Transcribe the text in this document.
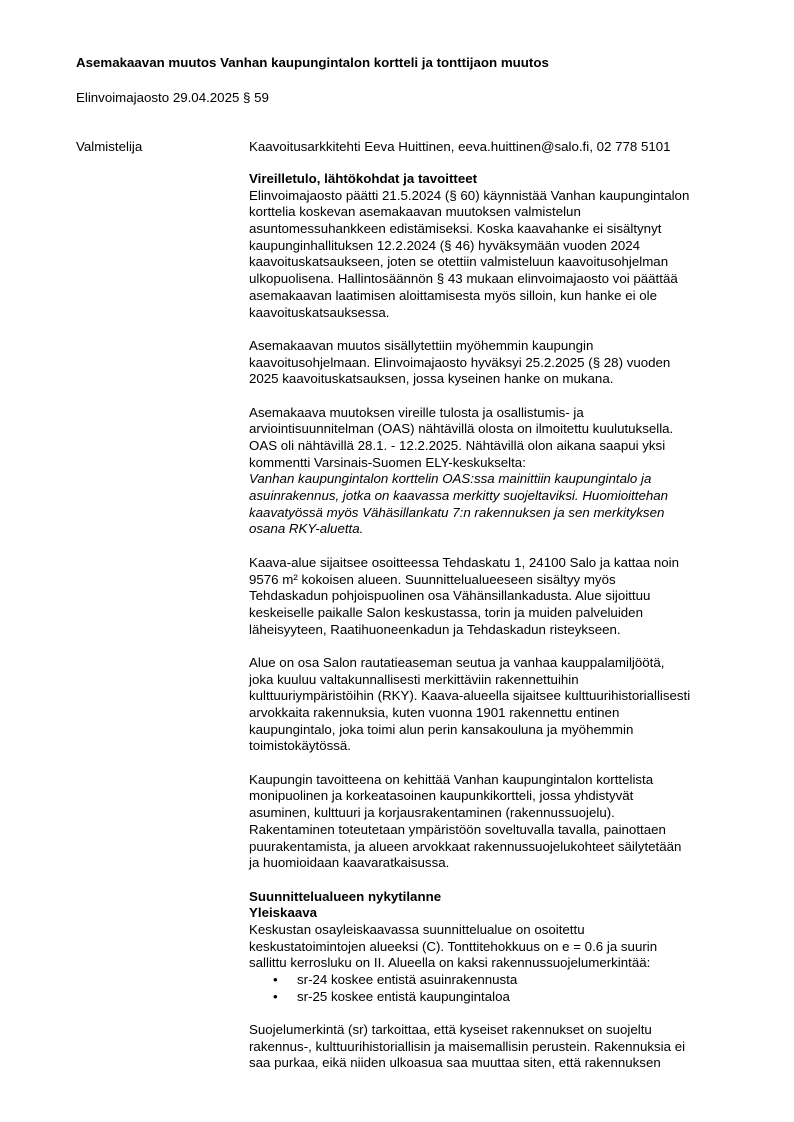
Asemakaavan muutos Vanhan kaupungintalon kortteli ja tonttijaon muutos
Elinvoimajaosto 29.04.2025 § 59
Valmistelija	Kaavoitusarkkitehti Eeva Huittinen, eeva.huittinen@salo.fi, 02 778 5101
Vireilletulo, lähtökohdat ja tavoitteet
Elinvoimajaosto päätti 21.5.2024 (§ 60) käynnistää Vanhan kaupungintalon
korttelia koskevan asemakaavan muutoksen valmistelun
asuntomessuhankkeen edistämiseksi. Koska kaavahanke ei sisältynyt
kaupunginhallituksen 12.2.2024 (§ 46) hyväksymään vuoden 2024
kaavoituskatsaukseen, joten se otettiin valmisteluun kaavoitusohjelman
ulkopuolisena. Hallintosäännön § 43 mukaan elinvoimajaosto voi päättää
asemakaavan laatimisen aloittamisesta myös silloin, kun hanke ei ole
kaavoituskatsauksessa.
Asemakaavan muutos sisällytettiin myöhemmin kaupungin
kaavoitusohjelmaan. Elinvoimajaosto hyväksyi 25.2.2025 (§ 28) vuoden
2025 kaavoituskatsauksen, jossa kyseinen hanke on mukana.
Asemakaava muutoksen vireille tulosta ja osallistumis- ja
arviointisuunnitelman (OAS) nähtävillä olosta on ilmoitettu kuulutuksella.
OAS oli nähtävillä 28.1. - 12.2.2025. Nähtävillä olon aikana saapui yksi
kommentti Varsinais-Suomen ELY-keskukselta:
Vanhan kaupungintalon korttelin OAS:ssa mainittiin kaupungintalo ja
asuinrakennus, jotka on kaavassa merkitty suojeltaviksi. Huomioittehan
kaavatyössä myös Vähäsillankatu 7:n rakennuksen ja sen merkityksen
osana RKY-aluetta.
Kaava-alue sijaitsee osoitteessa Tehdaskatu 1, 24100 Salo ja kattaa noin
9576 m² kokoisen alueen. Suunnittelualueeseen sisältyy myös
Tehdaskadun pohjoispuolinen osa Vähänsillankadusta. Alue sijoittuu
keskeiselle paikalle Salon keskustassa, torin ja muiden palveluiden
läheisyyteen, Raatihuoneenkadun ja Tehdaskadun risteykseen.
Alue on osa Salon rautatieaseman seutua ja vanhaa kauppalamiljöötä,
joka kuuluu valtakunnallisesti merkittäviin rakennettuihin
kulttuuriympäristöihin (RKY). Kaava-alueella sijaitsee kulttuurihistoriallisesti
arvokkaita rakennuksia, kuten vuonna 1901 rakennettu entinen
kaupungintalo, joka toimi alun perin kansakouluna ja myöhemmin
toimistokäytössä.
Kaupungin tavoitteena on kehittää Vanhan kaupungintalon korttelista
monipuolinen ja korkeatasoinen kaupunkikortteli, jossa yhdistyvät
asuminen, kulttuuri ja korjausrakentaminen (rakennussuojelu).
Rakentaminen toteutetaan ympäristöön soveltuvalla tavalla, painottaen
puurakentamista, ja alueen arvokkaat rakennussuojelukohteet säilytetään
ja huomioidaan kaavaratkaisussa.
Suunnittelualueen nykytilanne
Yleiskaava
Keskustan osayleiskaavassa suunnittelualue on osoitettu
keskustatoimintojen alueeksi (C). Tonttitehokkuus on e = 0.6 ja suurin
sallittu kerrosluku on II. Alueella on kaksi rakennussuojelumerkintää:
• sr-24 koskee entistä asuinrakennusta
• sr-25 koskee entistä kaupungintaloa
Suojelumerkintä (sr) tarkoittaa, että kyseiset rakennukset on suojeltu
rakennus-, kulttuurihistoriallisin ja maisemallisin perustein. Rakennuksia ei
saa purkaa, eikä niiden ulkoasua saa muuttaa siten, että rakennuksen
